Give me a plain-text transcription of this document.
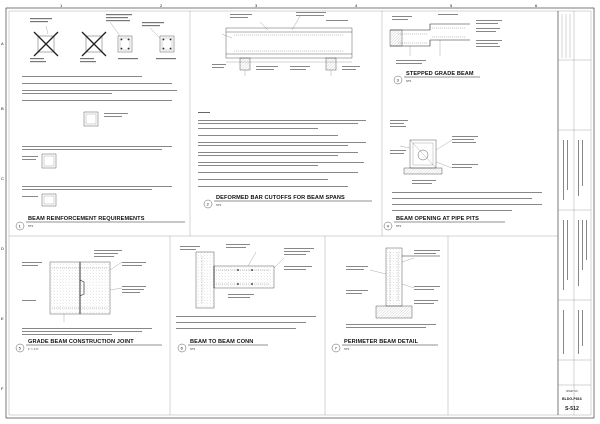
1	2	3	4	5	6
A
B
C
D
E
F
1
BEAM REINFORCEMENT REQUIREMENTS
NTS
2
DEFORMED BAR CUTOFFS FOR BEAM SPANS
NTS
3
STEPPED GRADE BEAM
NTS
4
BEAM OPENING AT PIPE PITS
NTS
5
GRADE BEAM CONSTRUCTION JOINT
1" = 1'-0"	6
BEAM TO BEAM CONN
NTS	7
PERIMETER BEAM DETAIL
NTS
SHEET NO.
BLDG-P816
S-512
